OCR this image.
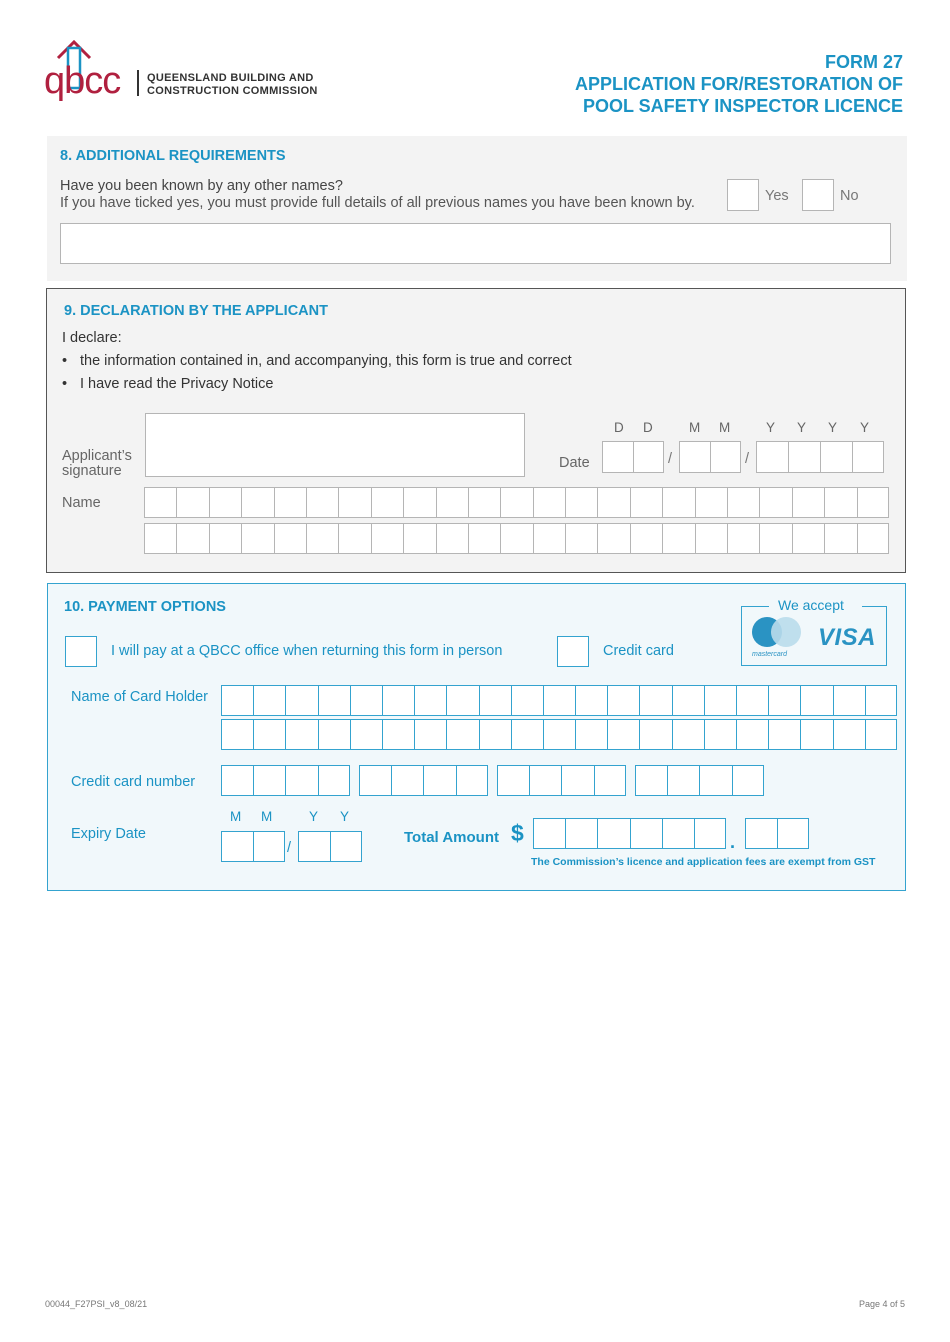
qbcc QUEENSLAND BUILDING AND
CONSTRUCTION COMMISSION
FORM 27
APPLICATION FOR/RESTORATION OF
POOL SAFETY INSPECTOR LICENCE
8. ADDITIONAL REQUIREMENTS
Have you been known by any other names?
If you have ticked yes, you must provide full details of all previous names you have been known by.	Yes	No
9. DECLARATION BY THE APPLICANT
I declare:
• the information contained in, and accompanying, this form is true and correct
• I have read the Privacy Notice
Applicant’s
signature
D D	M M	Y Y Y Y
Date	/	/
Name
10. PAYMENT OPTIONS	We accept
mastercard
VISA
I will pay at a QBCC office when returning this form in person	Credit card
Name of Card Holder
Credit card number
M M	Y Y
Expiry Date
/
Total Amount $	.
The Commission’s licence and application fees are exempt from GST
00044_F27PSI_v8_08/21	Page 4 of 5
